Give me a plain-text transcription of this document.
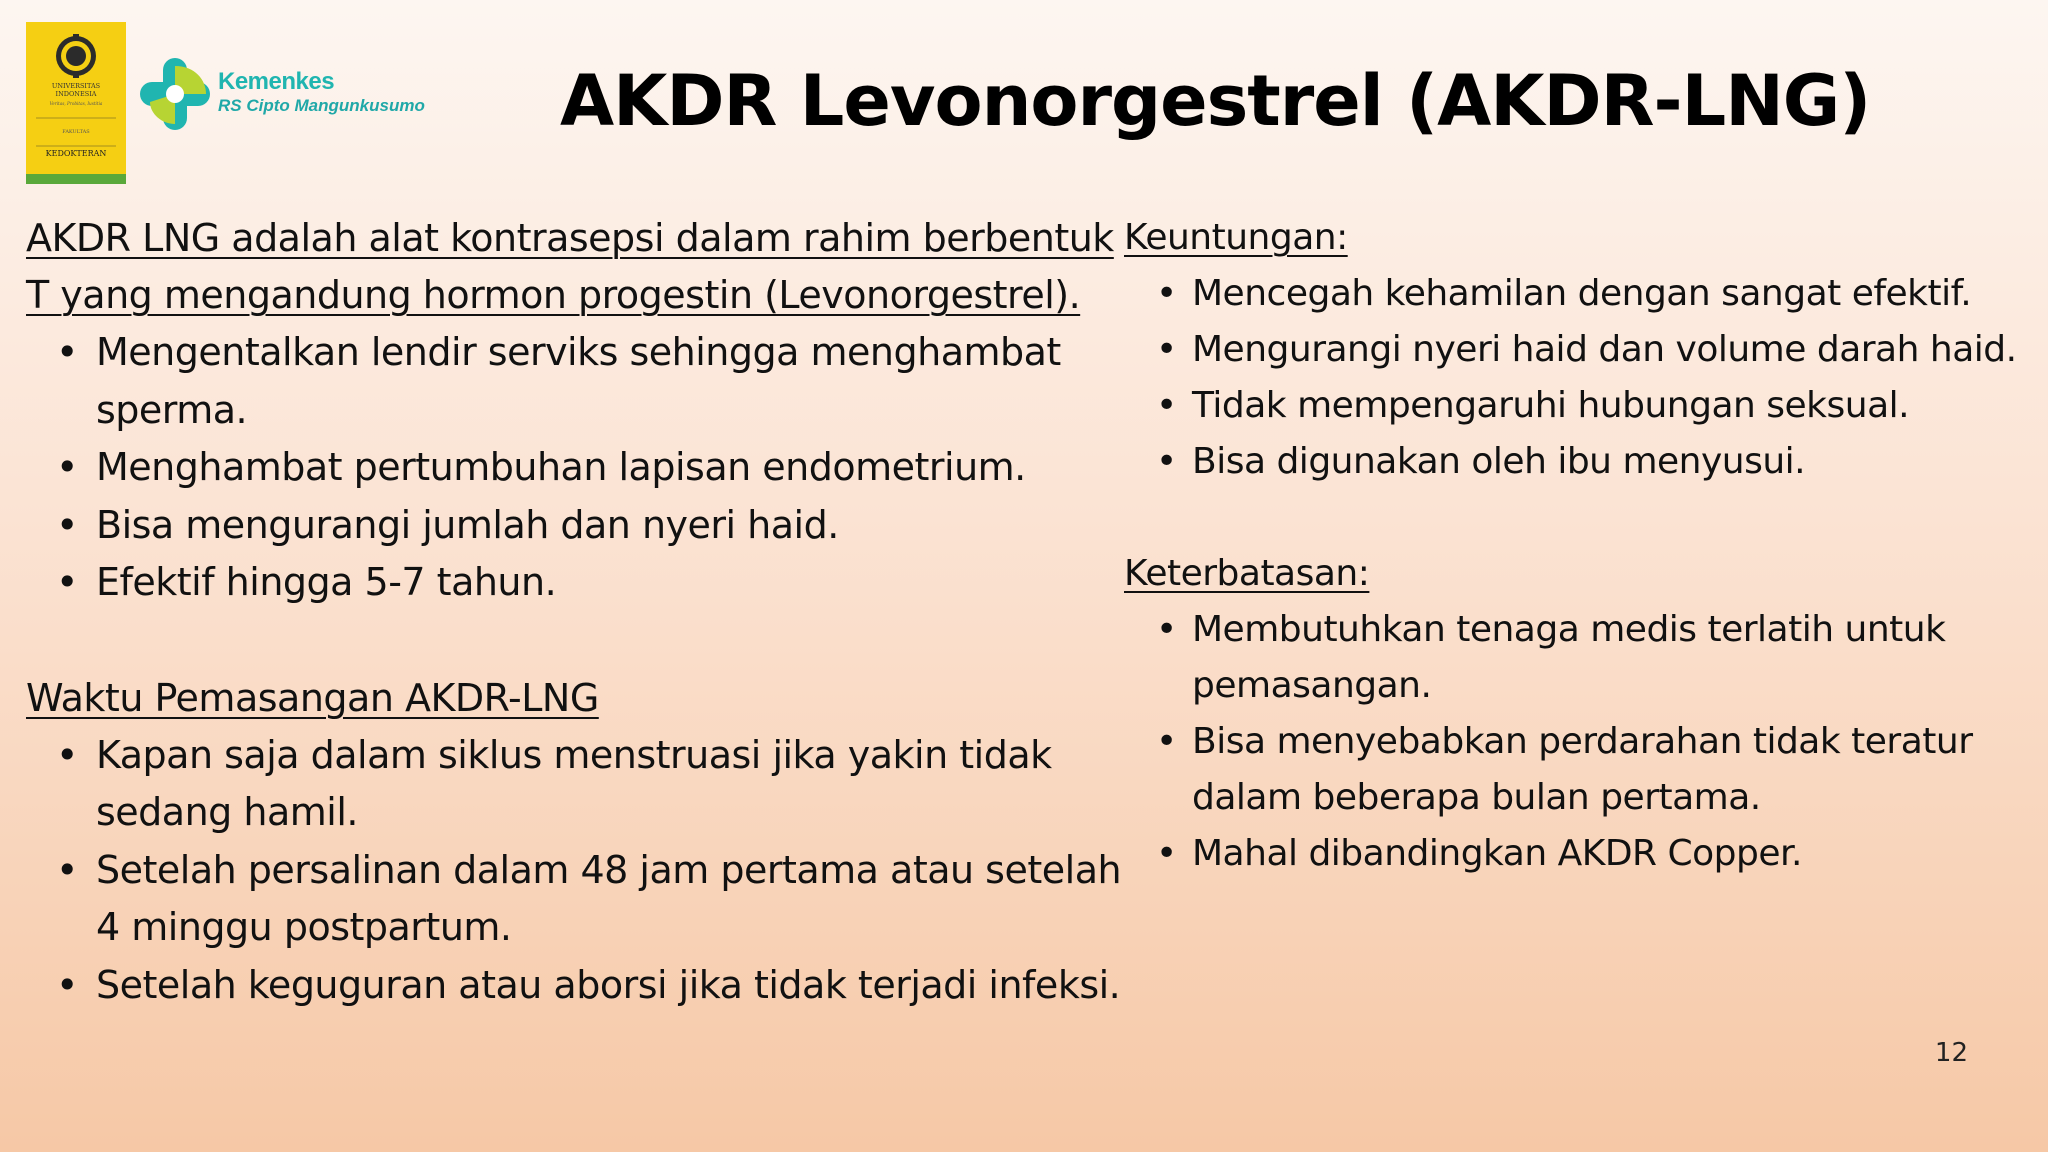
UNIVERSITAS
INDONESIA
Veritas, Probitas, Iustitia
FAKULTAS
KEDOKTERAN
Kemenkes
RS Cipto Mangunkusumo AKDR Levonorgestrel (AKDR-LNG)

AKDR LNG adalah alat kontrasepsi dalam rahim berbentuk T yang mengandung hormon progestin (Levonorgestrel).

• Mengentalkan lendir serviks sehingga menghambat sperma.
• Menghambat pertumbuhan lapisan endometrium.
• Bisa mengurangi jumlah dan nyeri haid.
• Efektif hingga 5-7 tahun.

Waktu Pemasangan AKDR-LNG

• Kapan saja dalam siklus menstruasi jika yakin tidak sedang hamil.
• Setelah persalinan dalam 48 jam pertama atau setelah 4 minggu postpartum.
• Setelah keguguran atau aborsi jika tidak terjadi infeksi.

Keuntungan:

• Mencegah kehamilan dengan sangat efektif.
• Mengurangi nyeri haid dan volume darah haid.
• Tidak mempengaruhi hubungan seksual.
• Bisa digunakan oleh ibu menyusui.

Keterbatasan:

• Membutuhkan tenaga medis terlatih untuk pemasangan.
• Bisa menyebabkan perdarahan tidak teratur dalam beberapa bulan pertama.
• Mahal dibandingkan AKDR Copper.
12
